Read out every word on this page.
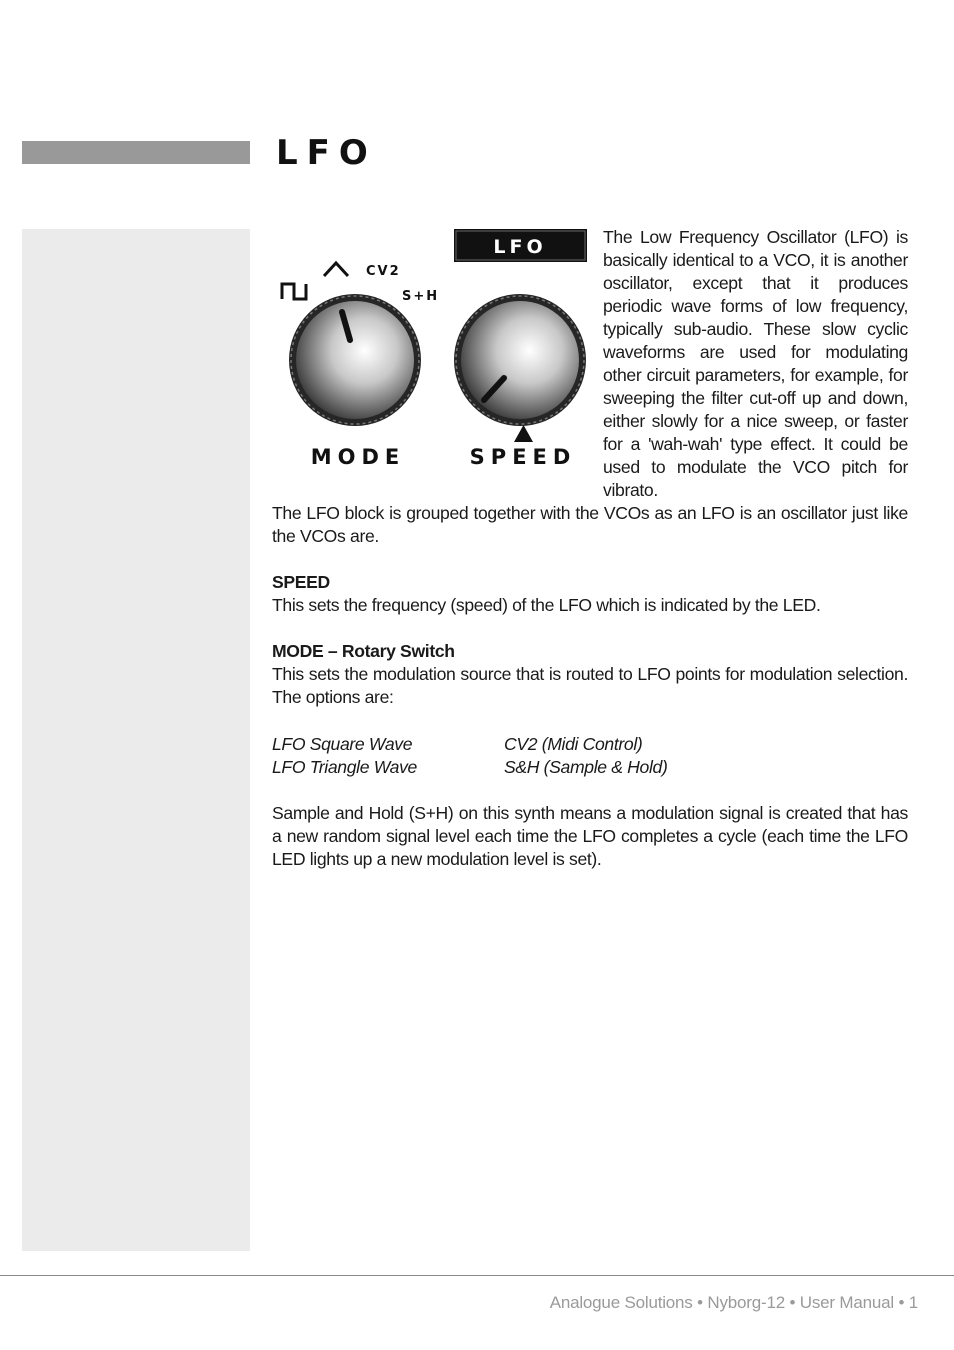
LFO
CV2
S+H
LFO
MODE	SPEED

The Low Frequency Oscillator (LFO) is basically identical to a VCO, it is another oscillator, except that it produces periodic wave forms of low frequency, typically sub-audio. These slow cyclic waveforms are used for modulating other circuit parameters, for example, for sweeping the filter cut-off up and down, either slowly for a nice sweep, or faster for a 'wah-wah' type effect. It could be used to modulate the VCO pitch for vibrato.

The LFO block is grouped together with the VCOs as an LFO is an oscillator just like the VCOs are.

SPEED
This sets the frequency (speed) of the LFO which is indicated by the LED.
MODE – Rotary Switch
This sets the modulation source that is routed to LFO points for modulation selection. The options are:
LFO Square Wave	CV2 (Midi Control)
LFO Triangle Wave	S&H (Sample & Hold)

Sample and Hold (S+H) on this synth means a modulation signal is created that has a new random signal level each time the LFO completes a cycle (each time the LFO LED lights up a new modulation level is set).

Analogue Solutions • Nyborg-12 • User Manual • 1
